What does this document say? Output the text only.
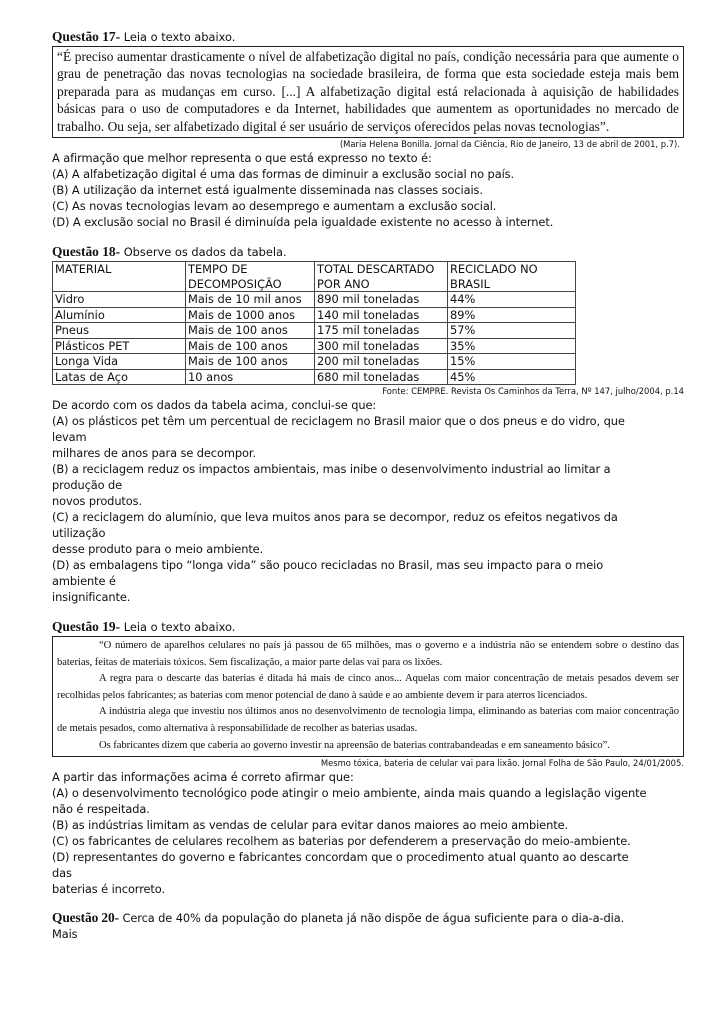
Questão 17- Leia o texto abaixo.
“É preciso aumentar drasticamente o nível de alfabetização digital no país, condição necessária para que aumente o grau de penetração das novas tecnologias na sociedade brasileira, de forma que esta sociedade esteja mais bem preparada para as mudanças em curso. [...] A alfabetização digital está relacionada à aquisição de habilidades básicas para o uso de computadores e da Internet, habilidades que aumentem as oportunidades no mercado de trabalho. Ou seja, ser alfabetizado digital é ser usuário de serviços oferecidos pelas novas tecnologias”.
(Maria Helena Bonilla. Jornal da Ciência, Rio de Janeiro, 13 de abril de 2001, p.7).
A afirmação que melhor representa o que está expresso no texto é:
(A) A alfabetização digital é uma das formas de diminuir a exclusão social no país.
(B) A utilização da internet está igualmente disseminada nas classes sociais.
(C) As novas tecnologias levam ao desemprego e aumentam a exclusão social.
(D) A exclusão social no Brasil é diminuída pela igualdade existente no acesso à internet.
Questão 18- Observe os dados da tabela.
MATERIAL	TEMPO DE DECOMPOSIÇÃO	TOTAL DESCARTADO POR ANO	RECICLADO NO BRASIL
Vidro	Mais de 10 mil anos	890 mil toneladas	44%
Alumínio	Mais de 1000 anos	140 mil toneladas	89%
Pneus	Mais de 100 anos	175 mil toneladas	57%
Plásticos PET	Mais de 100 anos	300 mil toneladas	35%
Longa Vida	Mais de 100 anos	200 mil toneladas	15%
Latas de Aço	10 anos	680 mil toneladas	45%
Fonte: CEMPRE. Revista Os Caminhos da Terra, Nº 147, julho/2004, p.14
De acordo com os dados da tabela acima, conclui-se que:
(A) os plásticos pet têm um percentual de reciclagem no Brasil maior que o dos pneus e do vidro, que
levam
milhares de anos para se decompor.
(B) a reciclagem reduz os impactos ambientais, mas inibe o desenvolvimento industrial ao limitar a
produção de
novos produtos.
(C) a reciclagem do alumínio, que leva muitos anos para se decompor, reduz os efeitos negativos da
utilização
desse produto para o meio ambiente.
(D) as embalagens tipo “longa vida” são pouco recicladas no Brasil, mas seu impacto para o meio
ambiente é
insignificante.
Questão 19- Leia o texto abaixo.

“O número de aparelhos celulares no país já passou de 65 milhões, mas o governo e a indústria não se entendem sobre o destino das baterias, feitas de materiais tóxicos. Sem fiscalização, a maior parte delas vai para os lixões.

A regra para o descarte das baterias é ditada há mais de cinco anos... Aquelas com maior concentração de metais pesados devem ser recolhidas pelos fabricantes; as baterias com menor potencial de dano à saúde e ao ambiente devem ir para aterros licenciados.

A indústria alega que investiu nos últimos anos no desenvolvimento de tecnologia limpa, eliminando as baterias com maior concentração de metais pesados, como alternativa à responsabilidade de recolher as baterias usadas.

Os fabricantes dizem que caberia ao governo investir na apreensão de baterias contrabandeadas e em saneamento básico”.

Mesmo tóxica, bateria de celular vai para lixão. Jornal Folha de São Paulo, 24/01/2005.
A partir das informações acima é correto afirmar que:
(A) o desenvolvimento tecnológico pode atingir o meio ambiente, ainda mais quando a legislação vigente
não é respeitada.
(B) as indústrias limitam as vendas de celular para evitar danos maiores ao meio ambiente.
(C) os fabricantes de celulares recolhem as baterias por defenderem a preservação do meio-ambiente.
(D) representantes do governo e fabricantes concordam que o procedimento atual quanto ao descarte
das
baterias é incorreto.
Questão 20- Cerca de 40% da população do planeta já não dispõe de água suficiente para o dia-a-dia.
Mais
